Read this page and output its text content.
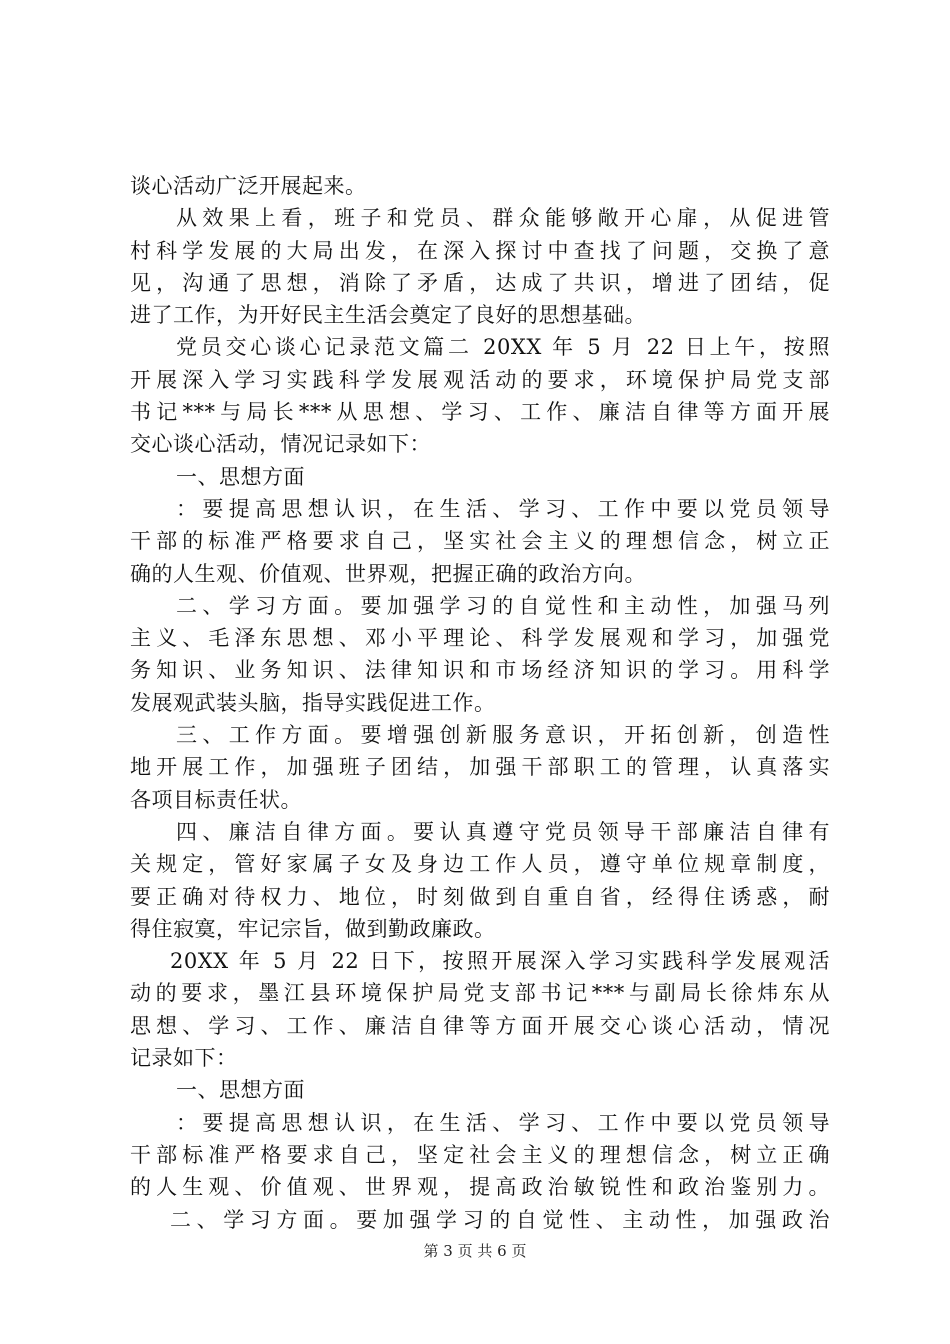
谈心活动广泛开展起来。
从效果上看，班子和党员、群众能够敞开心扉，从促进管
村科学发展的大局出发，在深入探讨中查找了问题，交换了意
见，沟通了思想，消除了矛盾，达成了共识，增进了团结，促
进了工作，为开好民主生活会奠定了良好的思想基础。
党员交心谈心记录范文篇二 20XX 年 5 月 22 日上午，按照
开展深入学习实践科学发展观活动的要求，环境保护局党支部
书记***与局长***从思想、学习、工作、廉洁自律等方面开展
交心谈心活动，情况记录如下：
一、思想方面
：要提高思想认识，在生活、学习、工作中要以党员领导
干部的标准严格要求自己，坚实社会主义的理想信念，树立正
确的人生观、价值观、世界观，把握正确的政治方向。
二、学习方面。要加强学习的自觉性和主动性，加强马列
主义、毛泽东思想、邓小平理论、科学发展观和学习，加强党
务知识、业务知识、法律知识和市场经济知识的学习。用科学
发展观武装头脑，指导实践促进工作。
三、工作方面。要增强创新服务意识，开拓创新，创造性
地开展工作，加强班子团结，加强干部职工的管理，认真落实
各项目标责任状。
四、廉洁自律方面。要认真遵守党员领导干部廉洁自律有
关规定，管好家属子女及身边工作人员，遵守单位规章制度，
要正确对待权力、地位，时刻做到自重自省，经得住诱惑，耐
得住寂寞，牢记宗旨，做到勤政廉政。
20XX 年 5 月 22 日下，按照开展深入学习实践科学发展观活
动的要求，墨江县环境保护局党支部书记***与副局长徐炜东从
思想、学习、工作、廉洁自律等方面开展交心谈心活动，情况
记录如下：
一、思想方面
：要提高思想认识，在生活、学习、工作中要以党员领导
干部标准严格要求自己，坚定社会主义的理想信念，树立正确
的人生观、价值观、世界观，提高政治敏锐性和政治鉴别力。
二、学习方面。要加强学习的自觉性、主动性，加强政治
第 3 页 共 6 页
